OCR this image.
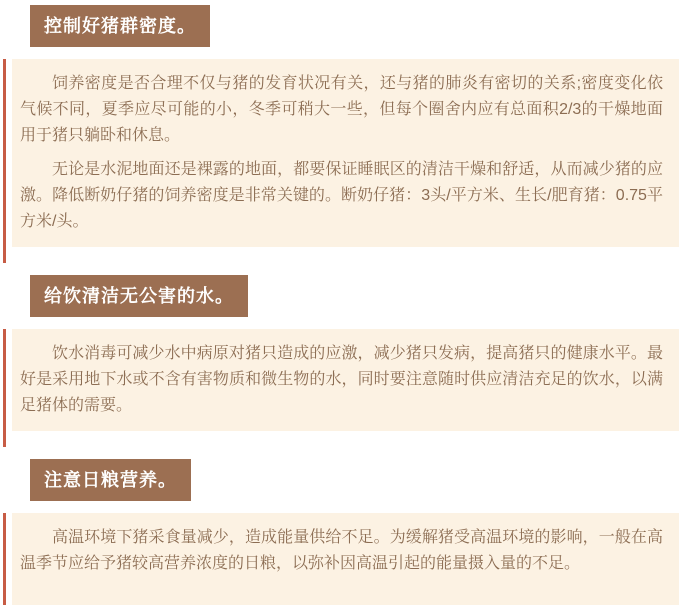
控制好猪群密度。

饲养密度是否合理不仅与猪的发育状况有关，还与猪的肺炎有密切的关系;密度变化依气候不同，夏季应尽可能的小，冬季可稍大一些，但每个圈舍内应有总面积2/3的干燥地面用于猪只躺卧和休息。

无论是水泥地面还是裸露的地面，都要保证睡眠区的清洁干燥和舒适，从而减少猪的应激。降低断奶仔猪的饲养密度是非常关键的。断奶仔猪：3头/平方米、生长/肥育猪：0.75平方米/头。

给饮清洁无公害的水。

饮水消毒可减少水中病原对猪只造成的应激，减少猪只发病，提高猪只的健康水平。最好是采用地下水或不含有害物质和微生物的水，同时要注意随时供应清洁充足的饮水，以满足猪体的需要。

注意日粮营养。

高温环境下猪采食量减少，造成能量供给不足。为缓解猪受高温环境的影响，一般在高温季节应给予猪较高营养浓度的日粮，以弥补因高温引起的能量摄入量的不足。
